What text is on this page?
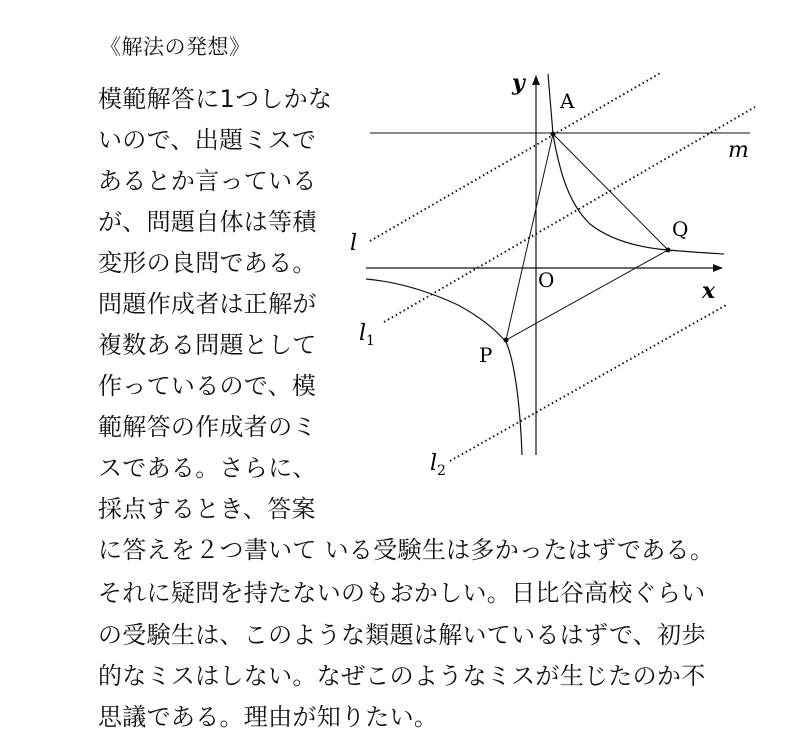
《解法の発想》
模範解答に1つしかな
いので、出題ミスで
あるとか言っている
が、問題自体は等積
変形の良問である。
問題作成者は正解が
複数ある問題として
作っているので、模
範解答の作成者のミ
スである。さらに、
採点するとき、答案
に答えを２つ書いて いる受験生は多かったはずである。
それに疑問を持たないのもおかしい。日比谷高校ぐらい
の受験生は、このような類題は解いているはずで、初歩
的なミスはしない。なぜこのようなミスが生じたのか不
思議である。理由が知りたい。
y
x
O
A
Q
P
m
l
$l_1$
$l_2$
